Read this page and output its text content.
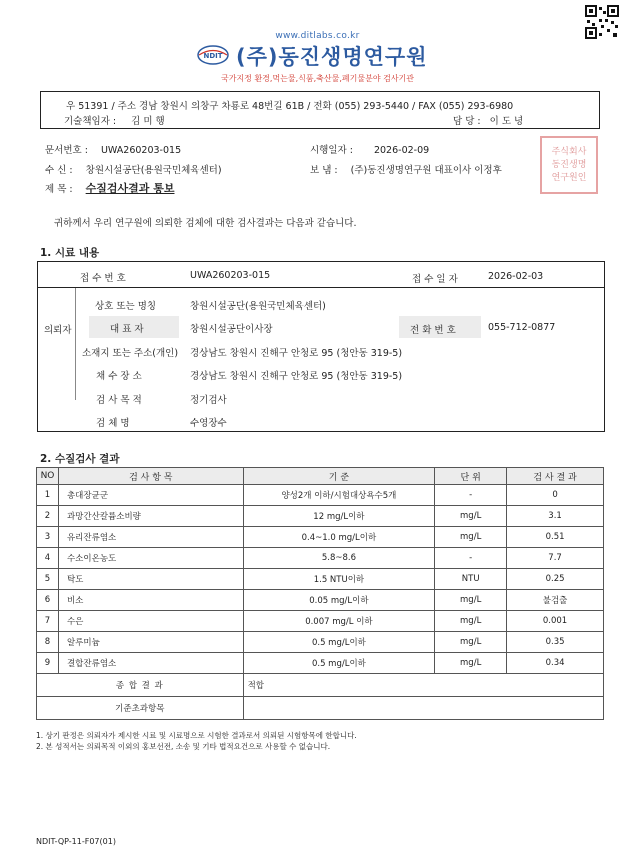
www.ditlabs.co.kr
NDIT (주)동진생명연구원
국가지정 환경,먹는물,식품,축산물,폐기물분야 검사기관
우 51391 / 주소 경남 창원시 의창구 차룡로 48번길 61B / 전화 (055) 293-5440 / FAX (055) 293-6980
기술책임자 : 김 미 행	담 당 : 이 도 녕
문서번호 : UWA260203-015	시행일자 : 2026-02-09
수 신 : 창원시설공단(용원국민체육센터)	보 냄 : (주)동진생명연구원 대표이사 이정후
제 목 : 수질검사결과 통보
주식회사
동진생명
연구원인
귀하께서 우리 연구원에 의뢰한 검체에 대한 검사결과는 다음과 같습니다.
1. 시료 내용
접 수 번 호	UWA260203-015	접 수 일 자	2026-02-03
의뢰자
상호 또는 명칭	창원시설공단(용원국민체육센터)
대 표 자	창원시설공단이사장	전 화 번 호	055-712-0877
소재지 또는 주소(개인) 경상남도 창원시 진해구 안청로 95 (청안동 319-5)
채 수 장 소	경상남도 창원시 진해구 안청로 95 (청안동 319-5)
검 사 목 적	정기검사
검 체 명	수영장수
2. 수질검사 결과
NO	검 사 항 목	기 준	단 위	검 사 결 과
1	총대장균군	양성2개 이하/시험대상욕수5개	-	0
2	과망간산칼륨소비량	12 mg/L이하	mg/L	3.1
3	유리잔류염소	0.4~1.0 mg/L이하	mg/L	0.51
4	수소이온농도	5.8~8.6	-	7.7
5	탁도	1.5 NTU이하	NTU	0.25
6	비소	0.05 mg/L이하	mg/L	불검출
7	수은	0.007 mg/L 이하	mg/L	0.001
8	알루미늄	0.5 mg/L이하	mg/L	0.35
9	결합잔류염소	0.5 mg/L이하	mg/L	0.34
종 합 결 과		적합		
기준초과항목				
1. 상기 판정은 의뢰자가 제시한 시료 및 시료명으로 시험한 결과로서 의뢰된 시험항목에 한합니다.
2. 본 성적서는 의뢰목적 이외의 홍보선전, 소송 및 기타 법적요건으로 사용할 수 없습니다.
NDIT-QP-11-F07(01)
